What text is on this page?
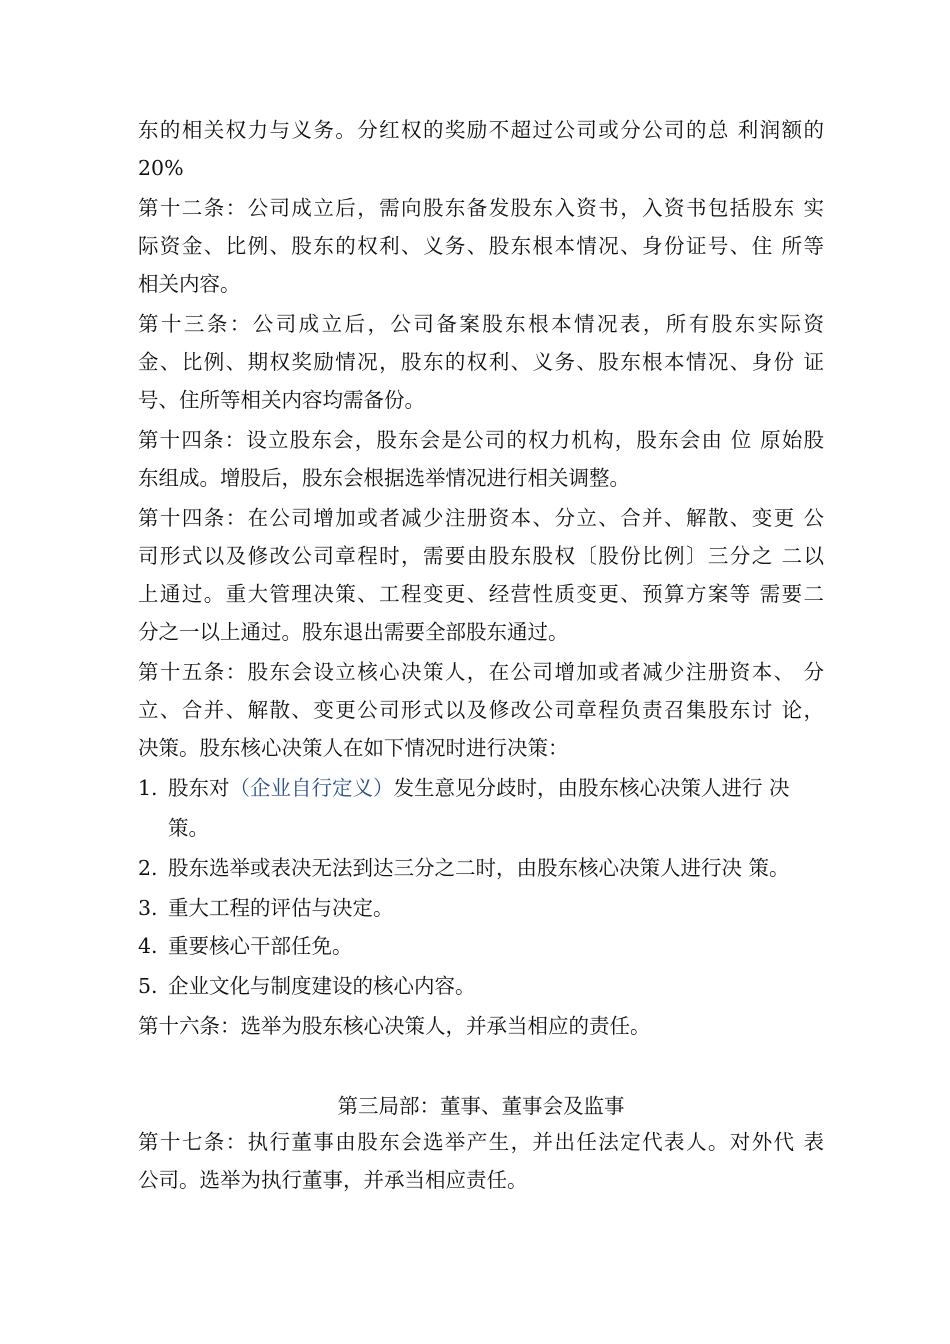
东的相关权力与义务。分红权的奖励不超过公司或分公司的总 利润额的
20%
第十二条：公司成立后，需向股东备发股东入资书，入资书包括股东 实
际资金、比例、股东的权利、义务、股东根本情况、身份证号、住 所等
相关内容。
第十三条：公司成立后，公司备案股东根本情况表，所有股东实际资
金、比例、期权奖励情况，股东的权利、义务、股东根本情况、身份 证
号、住所等相关内容均需备份。
第十四条：设立股东会，股东会是公司的权力机构，股东会由 位 原始股
东组成。增股后，股东会根据选举情况进行相关调整。
第十四条：在公司增加或者减少注册资本、分立、合并、解散、变更 公
司形式以及修改公司章程时，需要由股东股权〔股份比例〕三分之 二以
上通过。重大管理决策、工程变更、经营性质变更、预算方案等 需要二
分之一以上通过。股东退出需要全部股东通过。
第十五条：股东会设立核心决策人，在公司增加或者减少注册资本、 分
立、合并、解散、变更公司形式以及修改公司章程负责召集股东讨 论，
决策。股东核心决策人在如下情况时进行决策：
1. 股东对（企业自行定义）发生意见分歧时，由股东核心决策人进行 决
策。
2. 股东选举或表决无法到达三分之二时，由股东核心决策人进行决 策。
3. 重大工程的评估与决定。
4. 重要核心干部任免。
5. 企业文化与制度建设的核心内容。
第十六条：选举为股东核心决策人，并承当相应的责任。
第三局部：董事、董事会及监事
第十七条：执行董事由股东会选举产生，并出任法定代表人。对外代 表
公司。选举为执行董事，并承当相应责任。
